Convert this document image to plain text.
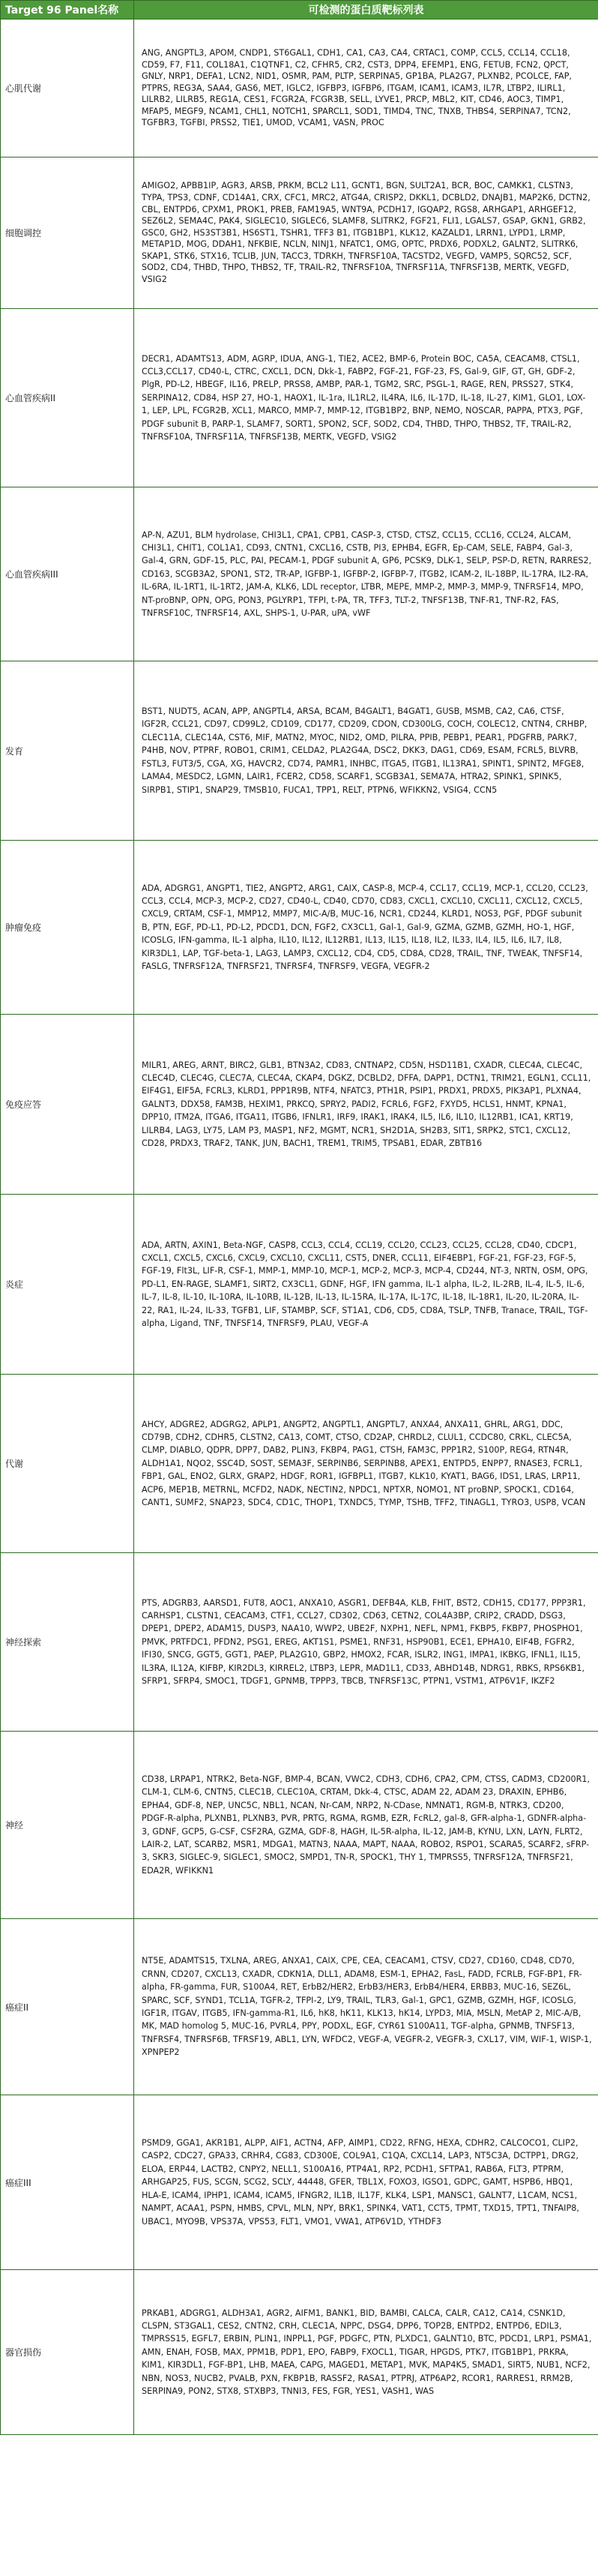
Target 96 Panel名称	可检测的蛋白质靶标列表
心肌代谢	ANG, ANGPTL3, APOM, CNDP1, ST6GAL1, CDH1, CA1, CA3, CA4, CRTAC1, COMP, CCL5, CCL14, CCL18, CD59, F7, F11, COL18A1, C1QTNF1, C2, CFHR5, CR2, CST3, DPP4, EFEMP1, ENG, FETUB, FCN2, QPCT, GNLY, NRP1, DEFA1, LCN2, NID1, OSMR, PAM, PLTP, SERPINA5, GP1BA, PLA2G7, PLXNB2, PCOLCE, FAP, PTPRS, REG3A, SAA4, GAS6, MET, IGLC2, IGFBP3, IGFBP6, ITGAM, ICAM1, ICAM3, IL7R, LTBP2, ILIRL1, LILRB2, LILRB5, REG1A, CES1, FCGR2A, FCGR3B, SELL, LYVE1, PRCP, MBL2, KIT, CD46, AOC3, TIMP1, MFAP5, MEGF9, NCAM1, CHL1, NOTCH1, SPARCL1, SOD1, TIMD4, TNC, TNXB, THBS4, SERPINA7, TCN2, TGFBR3, TGFBI, PRSS2, TIE1, UMOD, VCAM1, VASN, PROC
细胞调控	AMIGO2, APBB1IP, AGR3, ARSB, PRKM, BCL2 L11, GCNT1, BGN, SULT2A1, BCR, BOC, CAMKK1, CLSTN3, TYPA, TPS3, CDNF, CD14A1, CRX, CFC1, MRC2, ATG4A, CRISP2, DKKL1, DCBLD2, DNAJB1, MAP2K6, DCTN2, CBL, ENTPD6, CPXM1, PROK1, PREB, FAM19A5, WNT9A, PCDH17, IGQAP2, RGS8, ARHGAP1, ARHGEF12, SEZ6L2, SEMA4C, PAK4, SIGLEC10, SIGLEC6, SLAMF8, SLITRK2, FGF21, FLI1, LGALS7, GSAP, GKN1, GRB2, GSC0, GH2, HS3ST3B1, HS6ST1, TSHR1, TFF3 B1, ITGB1BP1, KLK12, KAZALD1, LRRN1, LYPD1, LRMP, METAP1D, MOG, DDAH1, NFKBIE, NCLN, NINJ1, NFATC1, OMG, OPTC, PRDX6, PODXL2, GALNT2, SLITRK6, SKAP1, STK6, STX16, TCLIB, JUN, TACC3, TDRKH, TNFRSF10A, TACSTD2, VEGFD, VAMP5, SQRC52, SCF, SOD2, CD4, THBD, THPO, THBS2, TF, TRAIL-R2, TNFRSF10A, TNFRSF11A, TNFRSF13B, MERTK, VEGFD, VSIG2
心血管疾病II	DECR1, ADAMTS13, ADM, AGRP, IDUA, ANG-1, TIE2, ACE2, BMP-6, Protein BOC, CA5A, CEACAM8, CTSL1, CCL3,CCL17, CD40-L, CTRC, CXCL1, DCN, Dkk-1, FABP2, FGF-21, FGF-23, FS, Gal-9, GIF, GT, GH, GDF-2, PlgR, PD-L2, HBEGF, IL16, PRELP, PRSS8, AMBP, PAR-1, TGM2, SRC, PSGL-1, RAGE, REN, PRSS27, STK4, SERPINA12, CD84, HSP 27, HO-1, HAOX1, IL-1ra, IL1RL2, IL4RA, IL6, IL-17D, IL-18, IL-27, KIM1, GLO1, LOX-1, LEP, LPL, FCGR2B, XCL1, MARCO, MMP-7, MMP-12, ITGB1BP2, BNP, NEMO, NOSCAR, PAPPA, PTX3, PGF, PDGF subunit B, PARP-1, SLAMF7, SORT1, SPON2, SCF, SOD2, CD4, THBD, THPO, THBS2, TF, TRAIL-R2, TNFRSF10A, TNFRSF11A, TNFRSF13B, MERTK, VEGFD, VSIG2
心血管疾病III	AP-N, AZU1, BLM hydrolase, CHI3L1, CPA1, CPB1, CASP-3, CTSD, CTSZ, CCL15, CCL16, CCL24, ALCAM, CHI3L1, CHIT1, COL1A1, CD93, CNTN1, CXCL16, CSTB, PI3, EPHB4, EGFR, Ep-CAM, SELE, FABP4, Gal-3, Gal-4, GRN, GDF-15, PLC, PAI, PECAM-1, PDGF subunit A, GP6, PCSK9, DLK-1, SELP, PSP-D, RETN, RARRES2, CD163, SCGB3A2, SPON1, ST2, TR-AP, IGFBP-1, IGFBP-2, IGFBP-7, ITGB2, ICAM-2, IL-18BP, IL-17RA, IL2-RA, IL-6RA, IL-1RT1, IL-1RT2, JAM-A, KLK6, LDL receptor, LTBR, MEPE, MMP-2, MMP-3, MMP-9, TNFRSF14, MPO, NT-proBNP, OPN, OPG, PON3, PGLYRP1, TFPI, t-PA, TR, TFF3, TLT-2, TNFSF13B, TNF-R1, TNF-R2, FAS, TNFRSF10C, TNFRSF14, AXL, SHPS-1, U-PAR, uPA, vWF
发育	BST1, NUDT5, ACAN, APP, ANGPTL4, ARSA, BCAM, B4GALT1, B4GAT1, GUSB, MSMB, CA2, CA6, CTSF, IGF2R, CCL21, CD97, CD99L2, CD109, CD177, CD209, CDON, CD300LG, COCH, COLEC12, CNTN4, CRHBP, CLEC11A, CLEC14A, CST6, MIF, MATN2, MYOC, NID2, OMD, PILRA, PPIB, PEBP1, PEAR1, PDGFRB, PARK7, P4HB, NOV, PTPRF, ROBO1, CRIM1, CELDA2, PLA2G4A, DSC2, DKK3, DAG1, CD69, ESAM, FCRL5, BLVRB, FSTL3, FUT3/5, CGA, XG, HAVCR2, CD74, PAMR1, INHBC, ITGA5, ITGB1, IL13RA1, SPINT1, SPINT2, MFGE8, LAMA4, MESDC2, LGMN, LAIR1, FCER2, CD58, SCARF1, SCGB3A1, SEMA7A, HTRA2, SPINK1, SPINK5, SIRPB1, STIP1, SNAP29, TMSB10, FUCA1, TPP1, RELT, PTPN6, WFIKKN2, VSIG4, CCN5
肿瘤免疫	ADA, ADGRG1, ANGPT1, TIE2, ANGPT2, ARG1, CAIX, CASP-8, MCP-4, CCL17, CCL19, MCP-1, CCL20, CCL23, CCL3, CCL4, MCP-3, MCP-2, CD27, CD40-L, CD40, CD70, CD83, CXCL1, CXCL10, CXCL11, CXCL12, CXCL5, CXCL9, CRTAM, CSF-1, MMP12, MMP7, MIC-A/B, MUC-16, NCR1, CD244, KLRD1, NOS3, PGF, PDGF subunit B, PTN, EGF, PD-L1, PD-L2, PDCD1, DCN, FGF2, CX3CL1, Gal-1, Gal-9, GZMA, GZMB, GZMH, HO-1, HGF, ICOSLG, IFN-gamma, IL-1 alpha, IL10, IL12, IL12RB1, IL13, IL15, IL18, IL2, IL33, IL4, IL5, IL6, IL7, IL8, KIR3DL1, LAP, TGF-beta-1, LAG3, LAMP3, CXCL12, CD4, CD5, CD8A, CD28, TRAIL, TNF, TWEAK, TNFSF14, FASLG, TNFRSF12A, TNFRSF21, TNFRSF4, TNFRSF9, VEGFA, VEGFR-2
免疫应答	MILR1, AREG, ARNT, BIRC2, GLB1, BTN3A2, CD83, CNTNAP2, CD5N, HSD11B1, CXADR, CLEC4A, CLEC4C, CLEC4D, CLEC4G, CLEC7A, CLEC4A, CKAP4, DGKZ, DCBLD2, DFFA, DAPP1, DCTN1, TRIM21, EGLN1, CCL11, EIF4G1, EIF5A, FCRL3, KLRD1, PPP1R9B, NTF4, NFATC3, PTH1R, PSIP1, PRDX1, PRDX5, PIK3AP1, PLXNA4, GALNT3, DDX58, FAM3B, HEXIM1, PRKCQ, SPRY2, PADI2, FCRL6, FGF2, FXYD5, HCLS1, HNMT, KPNA1, DPP10, ITM2A, ITGA6, ITGA11, ITGB6, IFNLR1, IRF9, IRAK1, IRAK4, IL5, IL6, IL10, IL12RB1, ICA1, KRT19, LILRB4, LAG3, LY75, LAM P3, MASP1, NF2, MGMT, NCR1, SH2D1A, SH2B3, SIT1, SRPK2, STC1, CXCL12, CD28, PRDX3, TRAF2, TANK, JUN, BACH1, TREM1, TRIM5, TPSAB1, EDAR, ZBTB16
炎症	ADA, ARTN, AXIN1, Beta-NGF, CASP8, CCL3, CCL4, CCL19, CCL20, CCL23, CCL25, CCL28, CD40, CDCP1, CXCL1, CXCL5, CXCL6, CXCL9, CXCL10, CXCL11, CST5, DNER, CCL11, EIF4EBP1, FGF-21, FGF-23, FGF-5, FGF-19, Flt3L, LIF-R, CSF-1, MMP-1, MMP-10, MCP-1, MCP-2, MCP-3, MCP-4, CD244, NT-3, NRTN, OSM, OPG, PD-L1, EN-RAGE, SLAMF1, SIRT2, CX3CL1, GDNF, HGF, IFN gamma, IL-1 alpha, IL-2, IL-2RB, IL-4, IL-5, IL-6, IL-7, IL-8, IL-10, IL-10RA, IL-10RB, IL-12B, IL-13, IL-15RA, IL-17A, IL-17C, IL-18, IL-18R1, IL-20, IL-20RA, IL-22, RA1, IL-24, IL-33, TGFB1, LIF, STAMBP, SCF, ST1A1, CD6, CD5, CD8A, TSLP, TNFB, Tranace, TRAIL, TGF-alpha, Ligand, TNF, TNFSF14, TNFRSF9, PLAU, VEGF-A
代谢	AHCY, ADGRE2, ADGRG2, APLP1, ANGPT2, ANGPTL1, ANGPTL7, ANXA4, ANXA11, GHRL, ARG1, DDC, CD79B, CDH2, CDHR5, CLSTN2, CA13, COMT, CTSO, CD2AP, CHRDL2, CLUL1, CCDC80, CRKL, CLEC5A, CLMP, DIABLO, QDPR, DPP7, DAB2, PLIN3, FKBP4, PAG1, CTSH, FAM3C, PPP1R2, S100P, REG4, RTN4R, ALDH1A1, NQO2, SSC4D, SOST, SEMA3F, SERPINB6, SERPINB8, APEX1, ENTPD5, ENPP7, RNASE3, FCRL1, FBP1, GAL, ENO2, GLRX, GRAP2, HDGF, ROR1, IGFBPL1, ITGB7, KLK10, KYAT1, BAG6, IDS1, LRAS, LRP11, ACP6, MEP1B, METRNL, MCFD2, NADK, NECTIN2, NPDC1, NPTXR, NOMO1, NT proBNP, SPOCK1, CD164, CANT1, SUMF2, SNAP23, SDC4, CD1C, THOP1, TXNDC5, TYMP, TSHB, TFF2, TINAGL1, TYRO3, USP8, VCAN
神经探索	PTS, ADGRB3, AARSD1, FUT8, AOC1, ANXA10, ASGR1, DEFB4A, KLB, FHIT, BST2, CDH15, CD177, PPP3R1, CARHSP1, CLSTN1, CEACAM3, CTF1, CCL27, CD302, CD63, CETN2, COL4A3BP, CRIP2, CRADD, DSG3, DPEP1, DPEP2, ADAM15, DUSP3, NAA10, WWP2, UBE2F, NXPH1, NEFL, NPM1, FKBP5, FKBP7, PHOSPHO1, PMVK, PRTFDC1, PFDN2, PSG1, EREG, AKT1S1, PSME1, RNF31, HSP90B1, ECE1, EPHA10, EIF4B, FGFR2, IFI30, SNCG, GGT5, GGT1, PAEP, PLA2G10, GBP2, HMOX2, FCAR, ISLR2, ING1, IMPA1, IKBKG, IFNL1, IL15, IL3RA, IL12A, KIFBP, KIR2DL3, KIRREL2, LTBP3, LEPR, MAD1L1, CD33, ABHD14B, NDRG1, RBKS, RPS6KB1, SFRP1, SFRP4, SMOC1, TDGF1, GPNMB, TPPP3, TBCB, TNFRSF13C, PTPN1, VSTM1, ATP6V1F, IKZF2
神经	CD38, LRPAP1, NTRK2, Beta-NGF, BMP-4, BCAN, VWC2, CDH3, CDH6, CPA2, CPM, CTSS, CADM3, CD200R1, CLM-1, CLM-6, CNTN5, CLEC1B, CLEC10A, CRTAM, Dkk-4, CTSC, ADAM 22, ADAM 23, DRAXIN, EPHB6, EPHA4, GDF-8, NEP, UNC5C, NBL1, NCAN, Nr-CAM, NRP2, N-CDase, NMNAT1, RGM-B, NTRK3, CD200, PDGF-R-alpha, PLXNB1, PLXNB3, PVR, PRTG, RGMA, RGMB, EZR, FcRL2, gal-8, GFR-alpha-1, GDNFR-alpha-3, GDNF, GCP5, G-CSF, CSF2RA, GZMA, GDF-8, HAGH, IL-5R-alpha, IL-12, JAM-B, KYNU, LXN, LAYN, FLRT2, LAIR-2, LAT, SCARB2, MSR1, MDGA1, MATN3, NAAA, MAPT, NAAA, ROBO2, RSPO1, SCARA5, SCARF2, sFRP-3, SKR3, SIGLEC-9, SIGLEC1, SMOC2, SMPD1, TN-R, SPOCK1, THY 1, TMPRSS5, TNFRSF12A, TNFRSF21, EDA2R, WFIKKN1
癌症II	NT5E, ADAMTS15, TXLNA, AREG, ANXA1, CAIX, CPE, CEA, CEACAM1, CTSV, CD27, CD160, CD48, CD70, CRNN, CD207, CXCL13, CXADR, CDKN1A, DLL1, ADAM8, ESM-1, EPHA2, FasL, FADD, FCRLB, FGF-BP1, FR-alpha, FR-gamma, FUR, S100A4, RET, ErbB2/HER2, ErbB3/HER3, ErbB4/HER4, ERBB3, MUC-16, SEZ6L, SPARC, SCF, SYND1, TCL1A, TGFR-2, TFPI-2, LY9, TRAIL, TLR3, Gal-1, GPC1, GZMB, GZMH, HGF, ICOSLG, IGF1R, ITGAV, ITGB5, IFN-gamma-R1, IL6, hK8, hK11, KLK13, hK14, LYPD3, MIA, MSLN, MetAP 2, MIC-A/B, MK, MAD homolog 5, MUC-16, PVRL4, PPY, PODXL, EGF, CYR61 S100A11, TGF-alpha, GPNMB, TNFSF13, TNFRSF4, TNFRSF6B, TFRSF19, ABL1, LYN, WFDC2, VEGF-A, VEGFR-2, VEGFR-3, CXL17, VIM, WIF-1, WISP-1, XPNPEP2
癌症III	PSMD9, GGA1, AKR1B1, ALPP, AIF1, ACTN4, AFP, AIMP1, CD22, RFNG, HEXA, CDHR2, CALCOCO1, CLIP2, CASP2, CDC27, GPA33, CRHR4, CG83, CD300E, COL9A1, C1QA, CXCL14, LAP3, NT5C3A, DCTPP1, DRG2, ELOA, ERP44, LACTB2, CNPY2, NELL1, S100A16, PTP4A1, RP2, PCDH1, SFTPA1, RAB6A, FLT3, PTPRM, ARHGAP25, FUS, SCGN, SCG2, SCLY, 44448, GFER, TBL1X, FOXO3, IGSO1, GDPC, GAMT, HSPB6, HBQ1, HLA-E, ICAM4, IPHP1, ICAM4, ICAM5, IFNGR2, IL1B, IL17F, KLK4, LSP1, MANSC1, GALNT7, L1CAM, NCS1, NAMPT, ACAA1, PSPN, HMBS, CPVL, MLN, NPY, BRK1, SPINK4, VAT1, CCT5, TPMT, TXD15, TPT1, TNFAIP8, UBAC1, MYO9B, VPS37A, VPS53, FLT1, VMO1, VWA1, ATP6V1D, YTHDF3
器官损伤	PRKAB1, ADGRG1, ALDH3A1, AGR2, AIFM1, BANK1, BID, BAMBI, CALCA, CALR, CA12, CA14, CSNK1D, CLSPN, ST3GAL1, CES2, CNTN2, CRH, CLEC1A, NPPC, DSG4, DPP6, TOP2B, ENTPD2, ENTPD6, EDIL3, TMPRSS15, EGFL7, ERBIN, PLIN1, INPPL1, PGF, PDGFC, PTN, PLXDC1, GALNT10, BTC, PDCD1, LRP1, PSMA1, AMN, ENAH, FOSB, MAX, PPM1B, PDP1, EPO, FABP9, FXOCL1, TIGAR, HPGDS, PTK7, ITGB1BP1, PRKRA, KIM1, KIR3DL1, FGF-BP1, LHB, MAEA, CAPG, MAGED1, METAP1, MVK, MAP4K5, SMAD1, SIRT5, NUB1, NCF2, NBN, NOS3, NUCB2, PVALB, PXN, FKBP1B, RASSF2, RASA1, PTPRJ, ATP6AP2, RCOR1, RARRES1, RRM2B, SERPINA9, PON2, STX8, STXBP3, TNNI3, FES, FGR, YES1, VASH1, WAS
